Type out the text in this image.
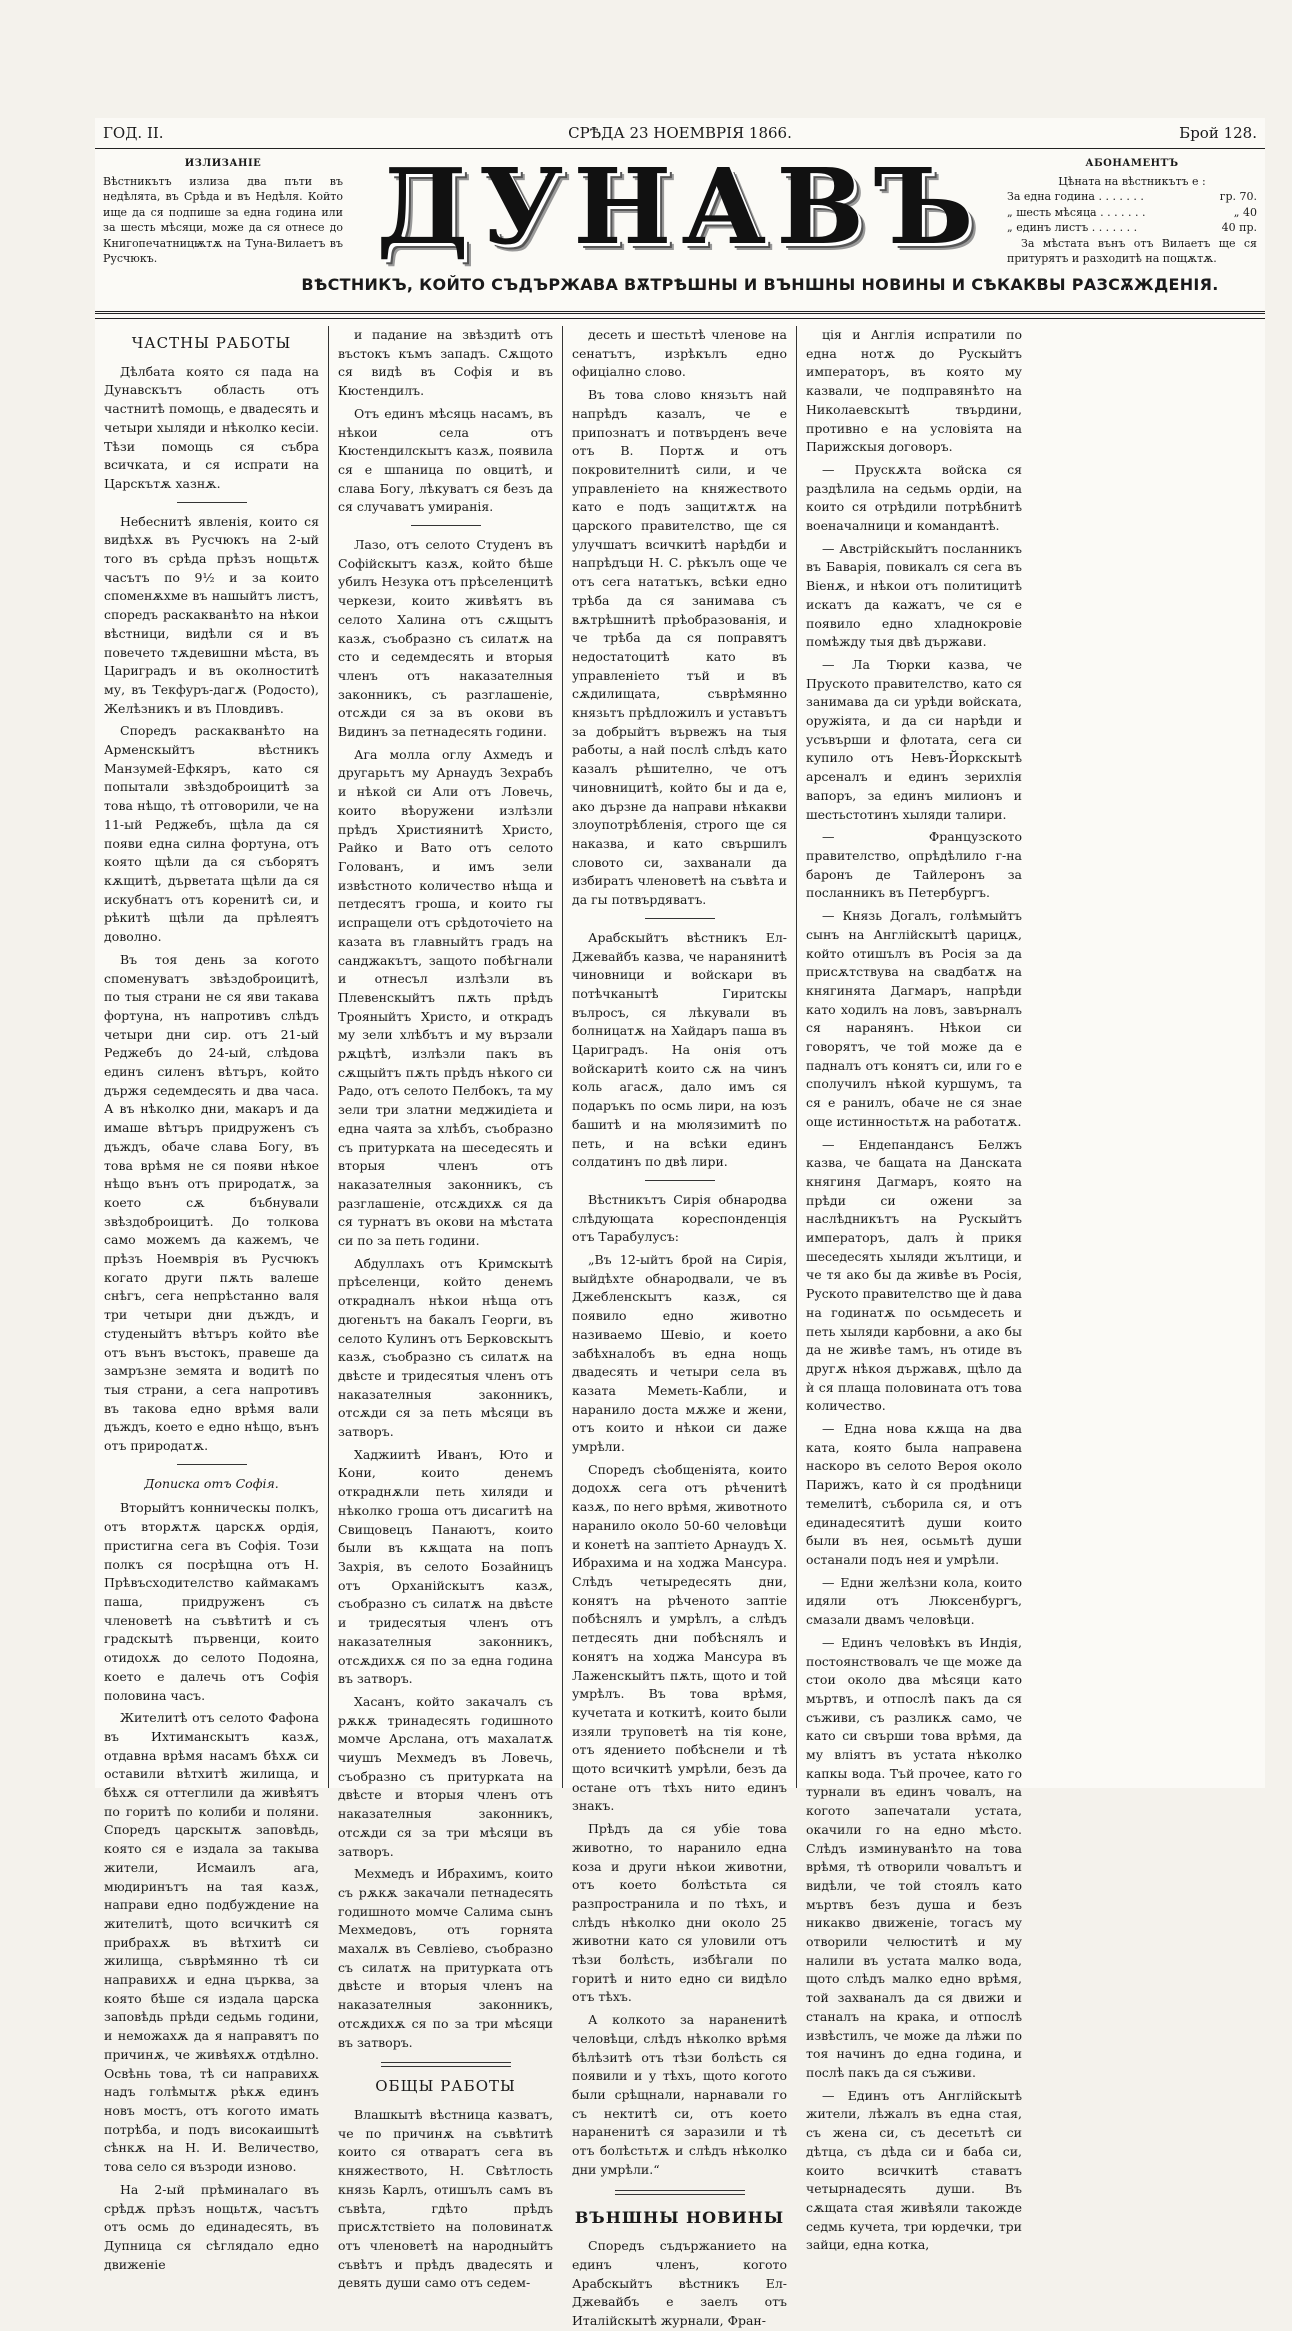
ГОД. II.	СРѢДА 23 НОЕМВРІЯ 1866.	Брой 128.
ИЗЛИЗАНІЕ
Вѣстникътъ излиза два пъти въ недѣлята, въ Срѣда и въ Недѣля. Който ище да ся подпише за една година или за шесть мѣсяци, може да ся отнесе до Книгопечатницѭтѫ на Туна-Вилаетъ въ Русчюкъ.	ДУНАВЪ	АБОНАМЕНТЪ
Цѣната на вѣстникътъ е :
За една година . . . . . . .	гр. 70.
„ шесть мѣсяца . . . . . . .	„ 40
„ единъ листъ . . . . . . .	40 пр.
За мѣстата вънъ отъ Вилаетъ ще ся притурятъ и разходитѣ на пощѫтѫ.
ВѢСТНИКЪ, КОЙТО СЪДЪРЖАВА ВѪТРѢШНЫ И ВЪНШНЫ НОВИНЫ И СѢКАКВЫ РАЗСѪЖДЕНІЯ.
ЧАСТНЫ РАБОТЫ

Дѣлбата която ся пада на Дунавскътъ область отъ частнитѣ помощь, е двадесять и четыри хыляди и нѣколко кесіи. Тѣзи помощь ся събра всичката, и ся испрати на Царскътѫ хазнѫ.

Небеснитѣ явленія, които ся видѣхѫ въ Русчюкъ на 2-ый того въ срѣда прѣзъ нощьтѫ часътъ по 9½ и за които споменѫхме въ нашыйтъ листъ, споредъ раскакванѣто на нѣкои вѣстници, видѣли ся и въ повечето тѫдевишни мѣста, въ Цариградъ и въ околноститѣ му, въ Текфуръ-дагѫ (Родосто), Желѣзникъ и въ Пловдивъ.

Споредъ раскакванѣто на Арменскыйтъ вѣстникъ Манзумей-Ефкяръ, като ся попытали звѣздоброицитѣ за това нѣщо, тѣ отговорили, че на 11-ый Реджебъ, щѣла да ся появи една силна фортуна, отъ която щѣли да ся съборятъ кѫщитѣ, дърветата щѣли да ся искубнатъ отъ коренитѣ си, и рѣкитѣ щѣли да прѣлеятъ доволно.

Въ тоя день за когото споменуватъ звѣздоброицитѣ, по тыя страни не ся яви такава фортуна, нъ напротивъ слѣдъ четыри дни сир. отъ 21-ый Реджебъ до 24-ый, слѣдова единъ силенъ вѣтъръ, който държя седемдесять и два часа. А въ нѣколко дни, макаръ и да имаше вѣтъръ придруженъ съ дъждъ, обаче слава Богу, въ това врѣмя не ся появи нѣкое нѣщо вънъ отъ природатѫ, за което сѫ бъбнували звѣздоброицитѣ. До толкова само можемъ да кажемъ, че прѣзъ Ноемврія въ Русчюкъ когато други пѫть валеше снѣгъ, сега непрѣстанно валя три четыри дни дъждъ, и студеныйтъ вѣтъръ който вѣе отъ вънъ въстокъ, правеше да замръзне земята и водитѣ по тыя страни, а сега напротивъ въ такова едно врѣмя вали дъждъ, което е едно нѣщо, вънъ отъ природатѫ.

Дописка отъ Софія.

Вторыйтъ конническы полкъ, отъ вторѫтѫ царскѫ ордія, пристигна сега въ Софія. Този полкъ ся посрѣщна отъ Н. Прѣвъсходителство каймакамъ паша, придруженъ съ членоветѣ на съвѣтитѣ и съ градскытѣ първенци, които отидохѫ до селото Подояна, което е далечь отъ Софія половина часъ.

Жителитѣ отъ селото Фафона въ Ихтиманскытъ казѫ, отдавна врѣмя насамъ бѣхѫ си оставили вѣтхитѣ жилища, и бѣхѫ ся оттеглили да живѣятъ по горитѣ по колиби и поляни. Споредъ царскытѫ заповѣдь, която ся е издала за такыва жители, Исмаилъ ага, мюдиринътъ на тая казѫ, направи едно подбуждение на жителитѣ, щото всичкитѣ ся прибрахѫ въ вѣтхитѣ си жилища, съврѣмянно тѣ си направихѫ и една църква, за която бѣше ся издала царска заповѣдь прѣди седьмь години, и неможахѫ да я направятъ по причинѫ, че живѣяхѫ отдѣлно. Освѣнь това, тѣ си направихѫ надъ голѣмытѫ рѣкѫ единъ новъ мостъ, отъ когото имать потрѣба, и подъ високаишытѣ сѣнкѫ на Н. И. Величество, това село ся възроди изново.

На 2-ый прѣминалаго въ срѣдѫ прѣзъ нощьтѫ, часътъ отъ осмь до единадесять, въ Дупница ся сѣглядало едно движеніе

и падание на звѣздитѣ отъ въстокъ къмъ западъ. Сѫщото ся видѣ въ Софія и въ Кюстендилъ.

Отъ единъ мѣсяць насамъ, въ нѣкои села отъ Кюстендилскытъ казѫ, появила ся е шпаница по овцитѣ, и слава Богу, лѣкуватъ ся безъ да ся случаватъ умиранія.

Лазо, отъ селото Студенъ въ Софійскытъ казѫ, който бѣше убилъ Незука отъ прѣселенцитѣ черкези, които живѣятъ въ селото Халина отъ сѫщытъ казѫ, съобразно съ силатѫ на сто и седемдесять и вторыя членъ отъ наказателныя законникъ, съ разглашеніе, отсѫди ся за въ окови въ Видинъ за петнадесять години.

Ага молла оглу Ахмедъ и другарьтъ му Арнаудъ Зехрабъ и нѣкой си Али отъ Ловечь, които вѣоружени излѣзли прѣдъ Християнитѣ Христо, Райко и Вато отъ селото Голованъ, и имъ зели извѣстното количество нѣща и петдесятъ гроша, и които гы испращели отъ срѣдоточіето на казата въ главныйтъ градъ на санджакътъ, защото побѣгнали и отнесъл излѣзли въ Плевенскыйтъ пѫть прѣдъ Трояныйтъ Христо, и открадъ му зели хлѣбътъ и му вързали рѫцѣтѣ, излѣзли пакъ въ сѫщыйтъ пѫть прѣдъ нѣкого си Радо, отъ селото Пелбокъ, та му зели три златни меджидіета и една чаята за хлѣбъ, съобразно съ притурката на шеседесять и вторыя членъ отъ наказателныя законникъ, съ разглашеніе, отсѫдихѫ ся да ся турнатъ въ окови на мѣстата си по за петь години.

Абдуллахъ отъ Кримскытѣ прѣселенци, който денемъ открадналъ нѣкои нѣща отъ дюгеньтъ на бакалъ Георги, въ селото Кулинъ отъ Берковскытъ казѫ, съобразно съ силатѫ на двѣсте и тридесятыя членъ отъ наказателныя законникъ, отсѫди ся за петь мѣсяци въ затворъ.

Хаджиитѣ Иванъ, Юто и Кони, които денемъ откраднѫли петь хиляди и нѣколко гроша отъ дисагитѣ на Свищовецъ Панаютъ, които были въ кѫщата на попъ Захрія, въ селото Бозайницъ отъ Орханійскытъ казѫ, съобразно съ силатѫ на двѣсте и тридесятыя членъ отъ наказателныя законникъ, отсѫдихѫ ся по за една година въ затворъ.

Хасанъ, който закачалъ съ рѫкѫ тринадесять годишното момче Арслана, отъ махалатѫ чиушъ Мехмедъ въ Ловечь, съобразно съ притурката на двѣсте и вторыя членъ отъ наказателныя законникъ, отсѫди ся за три мѣсяци въ затворъ.

Мехмедъ и Ибрахимъ, които съ рѫкѫ закачали петнадесять годишното момче Салима сынъ Мехмедовъ, отъ горнята махалѫ въ Севліево, съобразно съ силатѫ на притурката отъ двѣсте и вторыя членъ на наказателныя законникъ, отсѫдихѫ ся по за три мѣсяци въ затворъ.

ОБЩЫ РАБОТЫ

Влашкытѣ вѣстница казватъ, че по причинѫ на съвѣтитѣ които ся отваратъ сега въ княжеството, Н. Свѣтлость князь Карлъ, отишълъ самъ въ съвѣта, гдѣто прѣдъ присѫтствіето на половинатѫ отъ членоветѣ на народныйтъ съвѣтъ и прѣдъ двадесять и девять души само отъ седем-

десеть и шестьтѣ членове на сенатътъ, изрѣкълъ едно офиціално слово.

Въ това слово князьтъ най напрѣдъ казалъ, че е припознатъ и потвърденъ вече отъ В. Портѫ и отъ покровителнитѣ сили, и че управленіето на княжеството като е подъ защитѫтѫ на царского правителство, ще ся улучшатъ всичкитѣ нарѣдби и напрѣдъци Н. С. рѣкълъ още че отъ сега нататъкъ, всѣки едно трѣба да ся занимава съ вѫтрѣшнитѣ прѣобразованія, и че трѣба да ся поправятъ недостатоцитѣ като въ управленіето тъй и въ сѫдилищата, съврѣмянно князьтъ прѣдложилъ и уставътъ за добрыйтъ вървежъ на тыя работы, а най послѣ слѣдъ като казалъ рѣшително, че отъ чиновницитѣ, който бы и да е, ако дързне да направи нѣкакви злоупотрѣбленія, строго ще ся наказва, и като свършилъ словото си, захванали да избиратъ членоветѣ на съвѣта и да гы потвърдяватъ.

Арабскыйтъ вѣстникъ Ел-Джевайбъ казва, че наранянитѣ чиновници и войскари въ потѣчканытѣ Гиритскы вълросъ, ся лѣкували въ болницатѫ на Хайдаръ паша въ Цариградъ. На онія отъ войскаритѣ които сѫ на чинъ коль агасѫ, дало имъ ся подаръкъ по осмь лири, на юзъ башитѣ и на мюлязимитѣ по петь, и на всѣки единъ солдатинъ по двѣ лири.

Вѣстникътъ Сирія обнародва слѣдующата кореспонденція отъ Тарабулусъ:

„Въ 12-ыйтъ брой на Сирія, выйдѣхте обнародвали, че въ Джебленскытъ казѫ, ся появило едно животно називаемо Шевіо, и което забѣхналобъ въ една нощь двадесять и четыри села въ казата Меметь-Кабли, и наранило доста мѫже и жени, отъ които и нѣкои си даже умрѣли.

Споредъ сѣобщеніята, които додохѫ сега отъ рѣченитѣ казѫ, по него врѣмя, животното наранило около 50-60 человѣци и конетѣ на заптіето Арнаудъ Х. Ибрахима и на ходжа Мансура. Слѣдъ четыредесять дни, конятъ на рѣченото заптіе побѣснялъ и умрѣлъ, а слѣдъ петдесять дни побѣснялъ и конятъ на ходжа Мансура въ Лаженскыйтъ пѫть, щото и той умрѣлъ. Въ това врѣмя, кучетата и коткитѣ, които были изяли труповетѣ на тія коне, отъ ядението побѣснели и тѣ щото всичкитѣ умрѣли, безъ да остане отъ тѣхъ нито единъ знакъ.

Прѣдъ да ся убіе това животно, то наранило една коза и други нѣкои животни, отъ което болѣстьта ся разпространила и по тѣхъ, и слѣдъ нѣколко дни около 25 животни като ся уловили отъ тѣзи болѣсть, избѣгали по горитѣ и нито едно си видѣло отъ тѣхъ.

А колкото за нараненитѣ человѣци, слѣдъ нѣколко врѣмя бѣлѣзитѣ отъ тѣзи болѣсть ся появили и у тѣхъ, щото когото были срѣщнали, нарнавали го съ нектитѣ си, отъ което нараненитѣ ся заразили и тѣ отъ болѣстьтѫ и слѣдъ нѣколко дни умрѣли.“

ВЪНШНЫ НОВИНЫ

Споредъ съдържанието на единъ членъ, когото Арабскыйтъ вѣстникъ Ел-Джевайбъ е заелъ отъ Италійскытѣ журнали, Фран-

ція и Англія испратили по една нотѫ до Рускыйтъ императоръ, въ която му казвали, че подправянѣто на Николаевскытѣ твърдини, противно е на условіята на Парижскыя договоръ.

— Прускѫта войска ся раздѣлила на седьмь ордіи, на които ся отрѣдили потрѣбнитѣ военачалници и командантѣ.

— Австрійскыйтъ посланникъ въ Баварія, повикалъ ся сега въ Віенѫ, и нѣкои отъ политицитѣ искатъ да кажатъ, че ся е появило едно хладнокровіе помѣжду тыя двѣ държави.

— Ла Тюрки казва, че Пруското правителство, като ся занимава да си урѣди войската, оружіята, и да си нарѣди и усъвърши и флотата, сега си купило отъ Невъ-Йоркскытѣ арсеналъ и единъ зерихлія вапоръ, за единъ милионъ и шестьстотинъ хыляди талири.

— Французското правителство, опрѣдѣлило г-на баронъ де Тайлеронъ за посланникъ въ Петербургъ.

— Князь Догалъ, голѣмыйтъ сынъ на Англійскытѣ царицѫ, който отишълъ въ Росія за да присѫтствува на свадбатѫ на княгинята Дагмаръ, напрѣди като ходилъ на ловъ, завърналъ ся наранянъ. Нѣкои си говорятъ, че той може да е падналъ отъ конятъ си, или го е сполучилъ нѣкой куршумъ, та ся е ранилъ, обаче не ся знае още истинностьтѫ на работатѫ.

— Ендепандансъ Белжъ казва, че бащата на Данската княгиня Дагмаръ, която на прѣди си ожени за наслѣдникътъ на Рускыйтъ императоръ, далъ ѝ прикя шеседесять хыляди жълтици, и че тя ако бы да живѣе въ Росія, Руското правителство ще ѝ дава на годинатѫ по осьмдесеть и петь хыляди карбовни, а ако бы да не живѣе тамъ, нъ отиде въ другѫ нѣкоя държавѫ, щѣло да ѝ ся плаща половината отъ това количество.

— Една нова кѫща на два ката, която была направена наскоро въ селото Вероя около Парижъ, като ѝ ся продѣници темелитѣ, съборила ся, и отъ единадесятитѣ души които были въ нея, осьмьтѣ души останали подъ нея и умрѣли.

— Едни желѣзни кола, които идяли отъ Люксенбургъ, смазали двамъ человѣци.

— Единъ человѣкъ въ Индія, постоянствовалъ че ще може да стои около два мѣсяци като мъртвъ, и отпослѣ пакъ да ся съживи, съ разликѫ само, че като си свърши това врѣмя, да му вліятъ въ устата нѣколко капкы вода. Тъй прочее, като го турнали въ единъ човалъ, на когото запечатали устата, окачили го на едно мѣсто. Слѣдъ изминуванѣто на това врѣмя, тѣ отворили човалътъ и видѣли, че той стоялъ като мъртвъ безъ душа и безъ никакво движеніе, тогасъ му отворили челюститѣ и му налили въ устата малко вода, щото слѣдъ малко едно врѣмя, той захваналъ да ся движи и станалъ на крака, и отпослѣ извѣстилъ, че може да лѣжи по тоя начинъ до една година, и послѣ пакъ да ся съживи.

— Единъ отъ Англійскытѣ жители, лѣжалъ въ една стая, съ жена си, съ десетьтѣ си дѣтца, съ дѣда си и баба си, които всичкитѣ ставатъ четырнадесять души. Въ сѫщата стая живѣяли такожде седмь кучета, три юрдечки, три зайци, една котка,
